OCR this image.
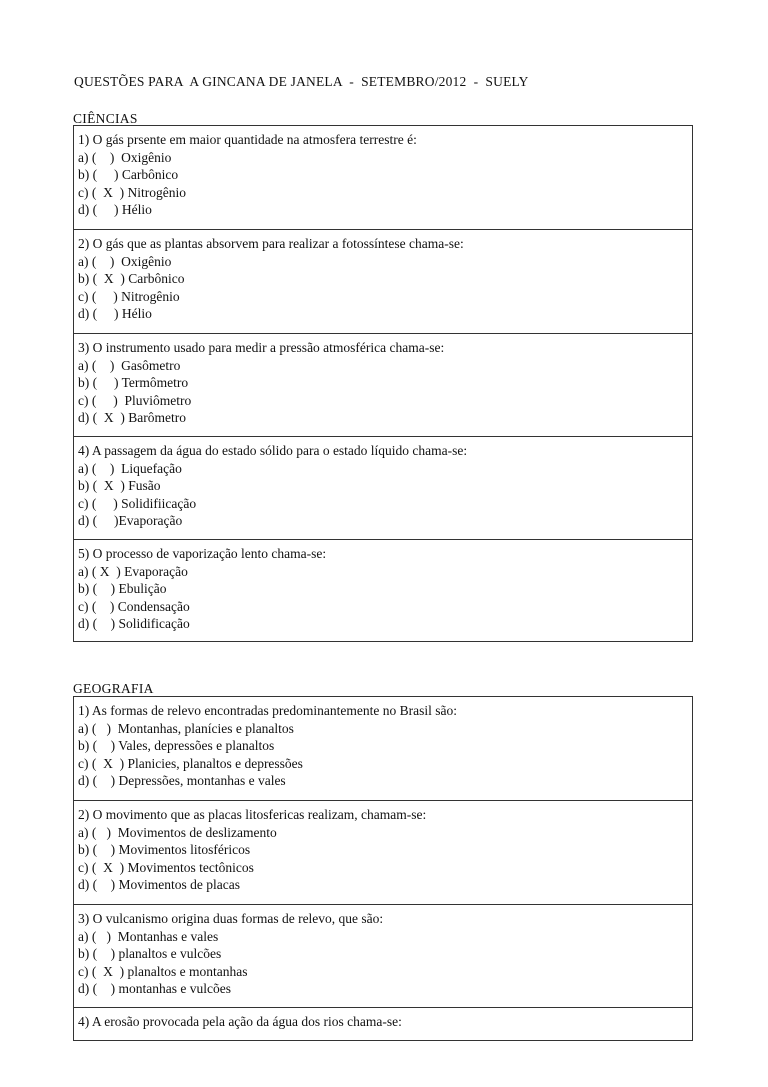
QUESTÕES PARA  A GINCANA DE JANELA  -  SETEMBRO/2012  -  SUELY
CIÊNCIAS
1) O gás prsente em maior quantidade na atmosfera terrestre é:
a) (    )  Oxigênio
b) (     ) Carbônico
c) (  X  ) Nitrogênio
d) (     ) Hélio
2) O gás que as plantas absorvem para realizar a fotossíntese chama-se:
a) (    )  Oxigênio
b) (  X  ) Carbônico
c) (     ) Nitrogênio
d) (     ) Hélio
3) O instrumento usado para medir a pressão atmosférica chama-se:
a) (    )  Gasômetro
b) (     ) Termômetro
c) (     )  Pluviômetro
d) (  X  ) Barômetro
4) A passagem da água do estado sólido para o estado líquido chama-se:
a) (    )  Liquefação
b) (  X  ) Fusão
c) (     ) Solidifiicação
d) (     )Evaporação
5) O processo de vaporização lento chama-se:
a) ( X  ) Evaporação
b) (    ) Ebulição
c) (    ) Condensação
d) (    ) Solidificação
GEOGRAFIA
1) As formas de relevo encontradas predominantemente no Brasil são:
a) (   )  Montanhas, planícies e planaltos
b) (    ) Vales, depressões e planaltos
c) (  X  ) Planicies, planaltos e depressões
d) (    ) Depressões, montanhas e vales
2) O movimento que as placas litosfericas realizam, chamam-se:
a) (   )  Movimentos de deslizamento
b) (    ) Movimentos litosféricos
c) (  X  ) Movimentos tectônicos
d) (    ) Movimentos de placas
3) O vulcanismo origina duas formas de relevo, que são:
a) (   )  Montanhas e vales
b) (    ) planaltos e vulcões
c) (  X  ) planaltos e montanhas
d) (    ) montanhas e vulcões
4) A erosão provocada pela ação da água dos rios chama-se:
